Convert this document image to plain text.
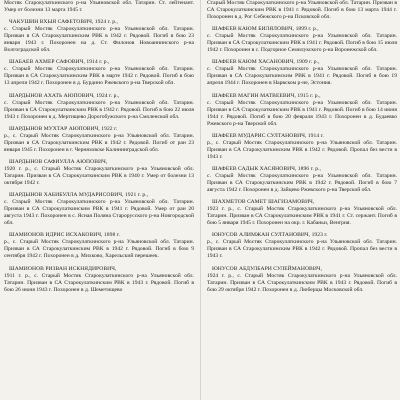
Мостяк Старокулаткинского р-на Ульяновской обл. Татарин. Ст. лейтенант. Умер от болезни 13 марта 1945 г.
ЧАКУШИН ВХЫЯ САФЕТОВИЧ, 1924 г. р.,
с. Старый Мостяк Старокулаткинского р-на Ульяновской обл. Татарин. Призван в СА Старокулаткинским РВК в 1942 г. Рядовой. Погиб в бою 23 января 1943 г. Похоронен на д. Ст. Филонов Новоаннинского р-на Волгоградской обл.
ШАБАЕВ АХМЕР САФОВИЧ, 1914 г. р.,
с. Старый Мостяк Старокулаткинского р-на Ульяновской обл. Татарин. Призван в СА Старокулаткинским РВК в марте 1942 г. Рядовой. Погиб в бою 13 апреля 1942 г. Похоронен в д. Бурдино Ржевского р-на Тверской обл.
ШАРДЫНОВ АХАТЬ АЮПОВИЧ, 1924 г. р.,
с. Старый Мостяк Старокулаткинского р-на Ульяновской обл. Татарин. Призван в СА Старокулаткинским РВК в 1942 г. Рядовой. Погиб в бою 22 июля 1943 г. Похоронен в д. Мертищево Дорогобужского р-на Смоленской обл.
ШАРДЫНОВ МУХТАР АЮПОВИЧ, 1922 г.
р., с. Старый Мостяк Старокулаткинского р-на Ульяновской обл. Татарин. Призван в СА Старокулаткинским РВК в 1942 г. Рядовой. Погиб от ран 23 января 1945 г. Похоронен в г. Черняховске Калининградской обл.
ШАРДЫНОВ САФИУЛЛА АЮПОВИЧ,
1920 г. р., с. Старый Мостяк Старокулаткинского р-на Ульяновской обл. Татарин. Призван в СА Старокулаткинским РВК в 1940 г. Умер от болезни 13 октября 1942 г.
ШАРДЫНОВ ХАБИБУЛЛА МУДАРИСОВИЧ, 1921 г. р.,
с. Старый Мостяк Старокулаткинского р-на Ульяновской обл. Татарин. Призван в СА Старокулаткинским РВК в 1941 г. Рядовой. Умер от ран 20 августа 1943 г. Похоронен в с. Ясная Поляна Старорусского р-на Новгородской обл.
ШАМИОНОВ ИДРИС ИСХАКОВИЧ, 1898 г.
р., с. Старый Мостяк Старокулаткинского р-на Ульяновской обл. Татарин. Призван в СА Старокулаткинским РВК в 1942 г. Рядовой. Погиб в бою 9 сентября 1942 г. Похоронен в д. Михково, Харельский перешеек.
ШАМИОНОВ РИЗВАН ИСКНЯДИРОВИЧ,
1911 г. р., с. Старый Мостяк Старокулаткинского р-на Ульяновской обл. Татарин. Призван в СА Старокулаткинским РВК в 1943 г. Рядовой. Погиб в бою 26 июня 1943 г. Похоронен в д. Шеметищево
Старый Мостяк Старокулаткинского р-на Ульяновской обл. Татарин. Призван в СА Старокулаткинским РВК в 1941 г. Рядовой. Погиб в бою 13 марта 1944 г. Похоронен в д. Рог Себежского р-на Псковской обл.
ШАФЕЕВ КАЮМ БИЛЯЛОВИЧ, 1899 г. р.,
с. Старый Мостяк Старокулаткинского р-на Ульяновской обл. Татарин. Призван в СА Старокулаткинским РВК в 1941 г. Рядовой. Погиб в бою 15 июля 1942 г. Похоронен в с. Подгорное Семилукского р-на Воронежской обл.
ШАФЕЕВ КАЮМ ХАСАНОВИЧ, 1909 г. р.,
с. Старый Мостяк Старокулаткинского р-на Ульяновской обл. Татарин. Призван в СА Старокулаткинским РВК в 1941 г. Рядовой. Погиб в бою 19 апреля 1944 г. Похоронен в Нарвском р-не, Эстония.
ШАФЕЕВ МАГИН МАТВЕЕВИЧ, 1915 г. р.,
с. Старый Мостяк Старокулаткинского р-на Ульяновской обл. Татарин. Призван в СА Старокулаткинским РВК в 1941 г. Рядовой. Погиб в бою 14 июня 1944 г. Рядовой. Погиб в бою 20 февраля 1943 г. Похоронен в д. Будаевко Ржевского р-на Тверской обл.
ШАФЕЕВ МУДАРИС СУЛТАНОВИЧ, 1914 г.
р., с. Старый Мостяк Старокулаткинского р-на Ульяновской обл. Татарин. Призван в СА Старокулаткинским РВК в 1942 г. Рядовой. Пропал без вести в 1943 г.
ШАФЕЕВ САДЫК ХАСЯНОВИЧ, 1896 г. р.,
с. Старый Мостяк Старокулаткинского р-на Ульяновской обл. Татарин. Призван в СА Старокулаткинским РВК в 1942 г. Рядовой. Погиб в бою 7 августа 1942 г. Похоронен в д. Зайцево Ржевского р-на Тверской обл.
ШАХМЕТОВ САМЕТ ШАГИЗАМОВИЧ,
1923 г. р., с. Старый Мостяк Старокулаткинского р-на Ульяновской обл. Татарин. Призван в СА Старокулаткинским РВК в 1941 г. Ст. сержант. Погиб в бою 5 января 1945 г. Похоронен на окр. г. Кабаньи, Венгрия.
ЮНУСОВ АЛИМЖАН СУЛТАНОВИЧ, 1923 г.
р., с. Старый Мостяк Старокулаткинского р-на Ульяновской обл. Татарин. Призван в СА Старокулаткинским РВК в 1942 г. Рядовой. Пропал без вести в 1943 г.
ЮНУСОВ АБДУЛБАРИ СУЛЕЙМАНОВИЧ,
1924 г. р., с. Старый Мостяк Старокулаткинского р-на Ульяновской обл. Татарин. Призван в СА Старокулаткинским РВК в 1943 г. Рядовой. Погиб в бою 29 октября 1942 г. Похоронен в д. Люберцы Московской обл.
